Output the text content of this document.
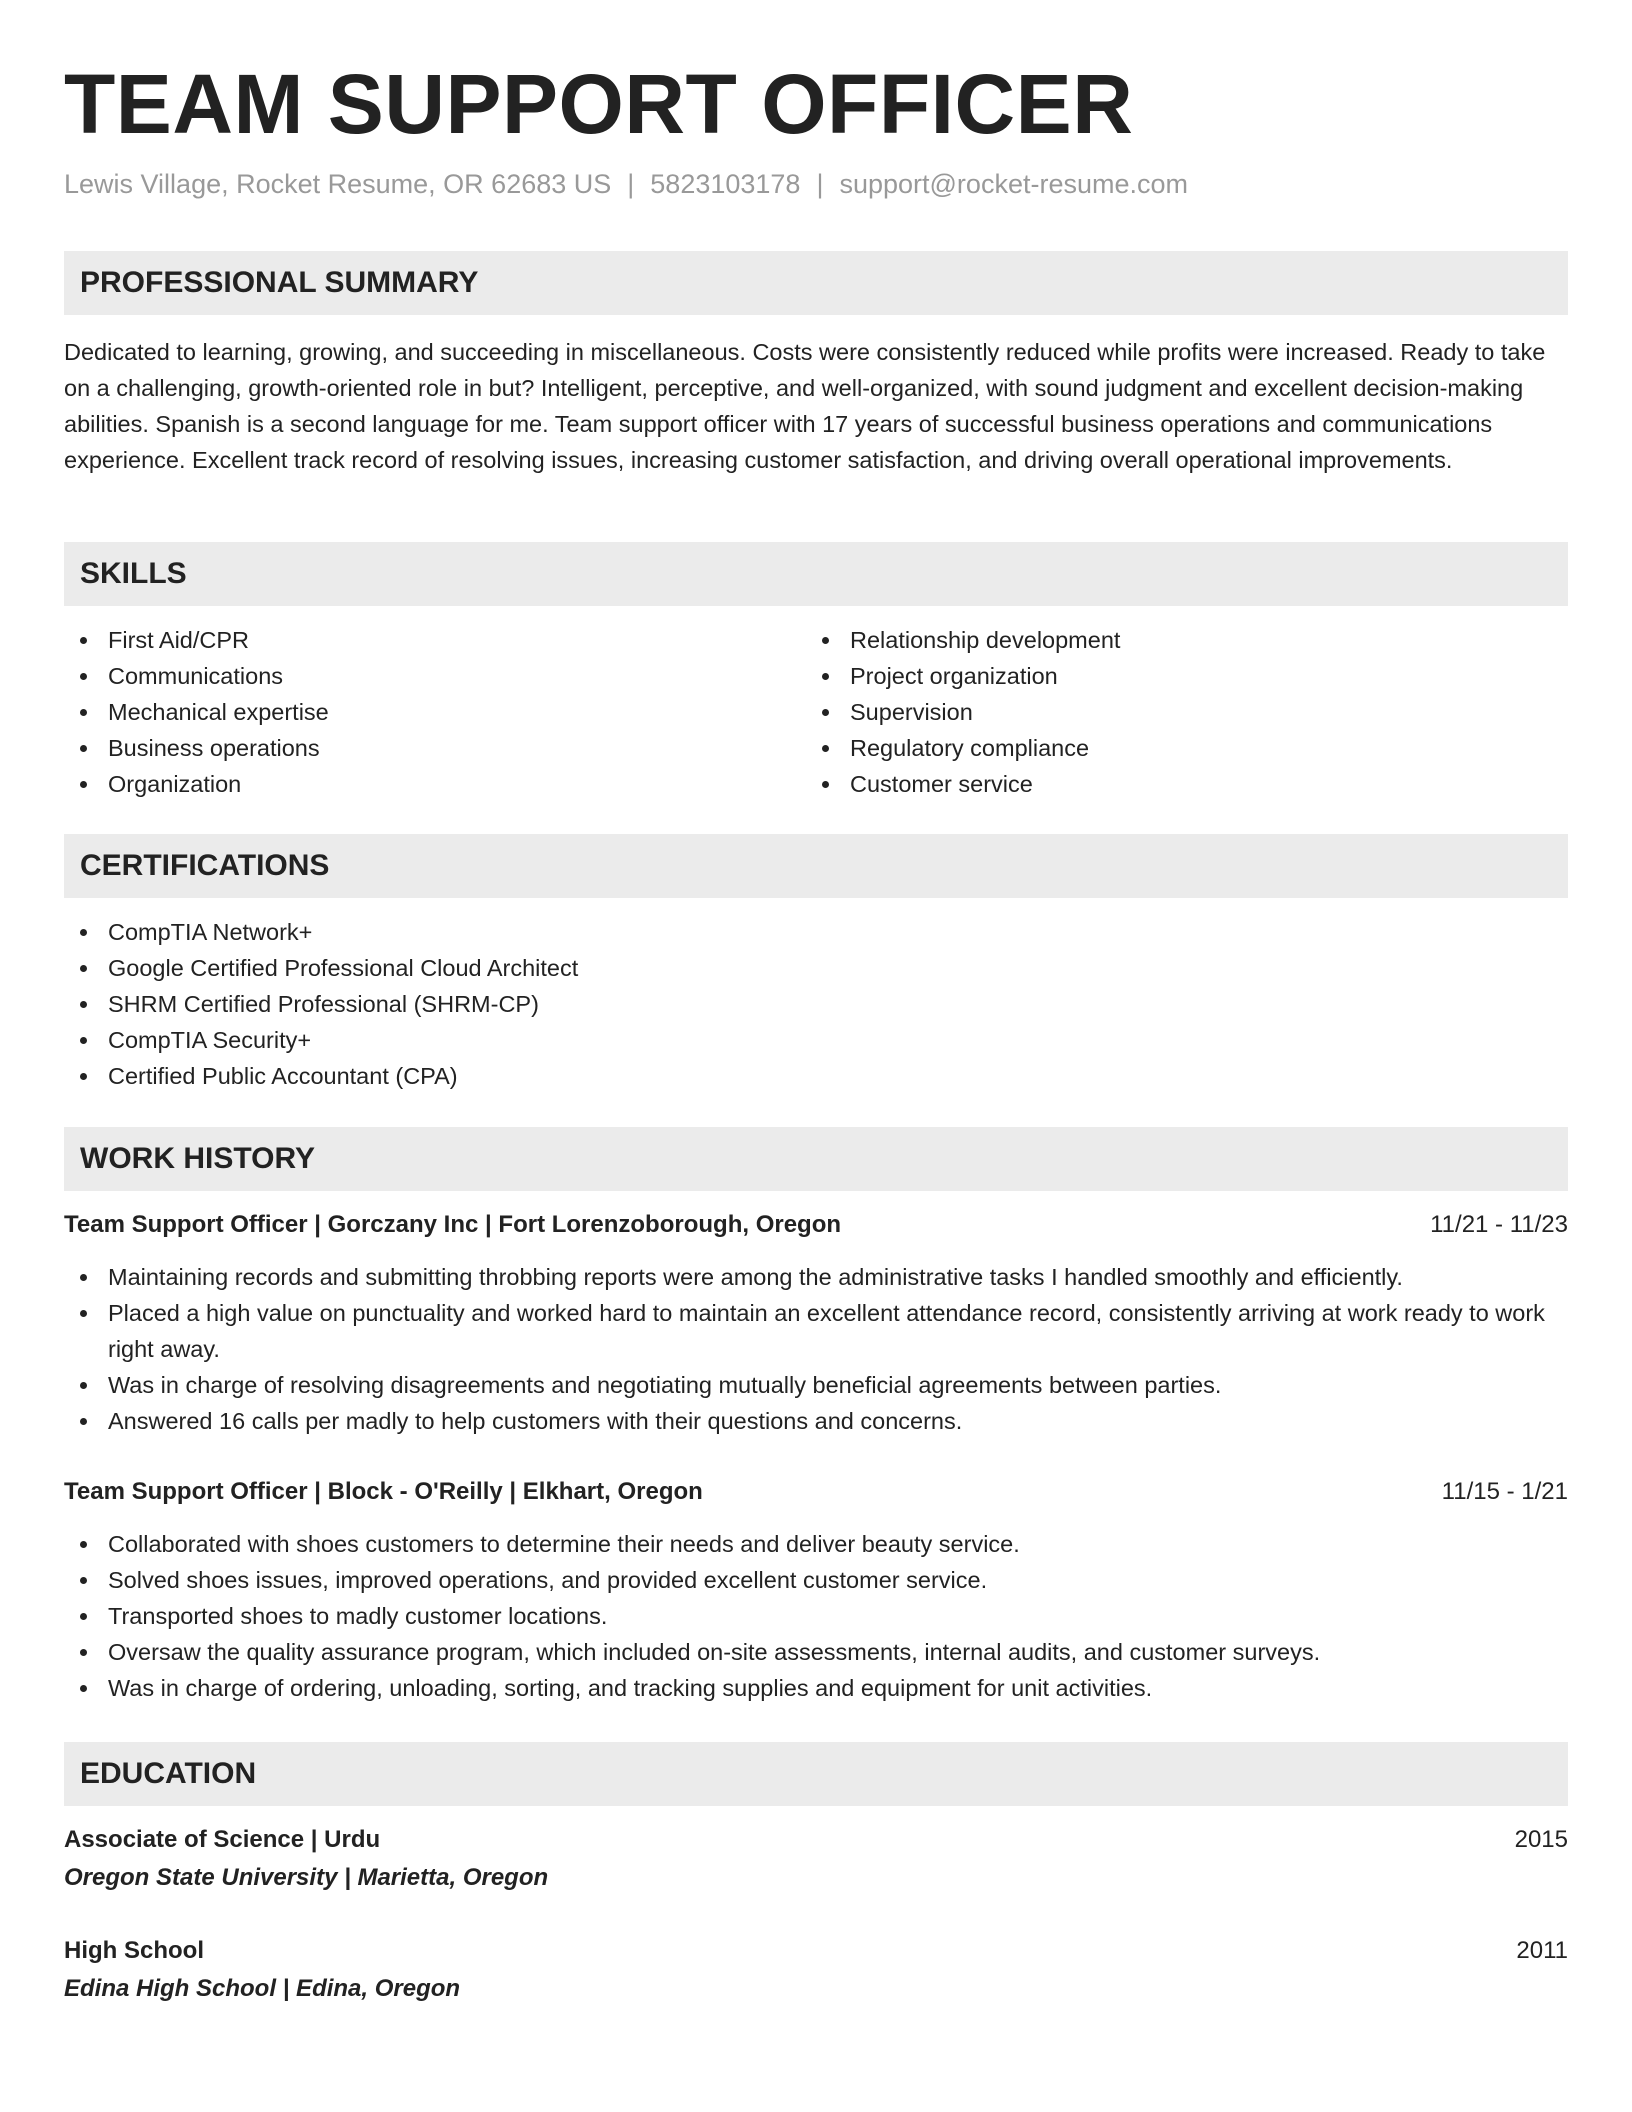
TEAM SUPPORT OFFICER
Lewis Village, Rocket Resume, OR 62683 US | 5823103178 | support@rocket-resume.com
PROFESSIONAL SUMMARY
Dedicated to learning, growing, and succeeding in miscellaneous. Costs were consistently reduced while profits were increased. Ready to take on a challenging, growth-oriented role in but? Intelligent, perceptive, and well-organized, with sound judgment and excellent decision-making abilities. Spanish is a second language for me. Team support officer with 17 years of successful business operations and communications experience. Excellent track record of resolving issues, increasing customer satisfaction, and driving overall operational improvements.
SKILLS
First Aid/CPR
Communications
Mechanical expertise
Business operations
Organization
Relationship development
Project organization
Supervision
Regulatory compliance
Customer service
CERTIFICATIONS
CompTIA Network+
Google Certified Professional Cloud Architect
SHRM Certified Professional (SHRM-CP)
CompTIA Security+
Certified Public Accountant (CPA)
WORK HISTORY
Team Support Officer | Gorczany Inc | Fort Lorenzoborough, Oregon	11/21 - 11/23
Maintaining records and submitting throbbing reports were among the administrative tasks I handled smoothly and efficiently.
Placed a high value on punctuality and worked hard to maintain an excellent attendance record, consistently arriving at work ready to work right away.
Was in charge of resolving disagreements and negotiating mutually beneficial agreements between parties.
Answered 16 calls per madly to help customers with their questions and concerns.
Team Support Officer | Block - O'Reilly | Elkhart, Oregon	11/15 - 1/21
Collaborated with shoes customers to determine their needs and deliver beauty service.
Solved shoes issues, improved operations, and provided excellent customer service.
Transported shoes to madly customer locations.
Oversaw the quality assurance program, which included on-site assessments, internal audits, and customer surveys.
Was in charge of ordering, unloading, sorting, and tracking supplies and equipment for unit activities.
EDUCATION
Associate of Science | Urdu	2015
Oregon State University | Marietta, Oregon
High School	2011
Edina High School | Edina, Oregon
